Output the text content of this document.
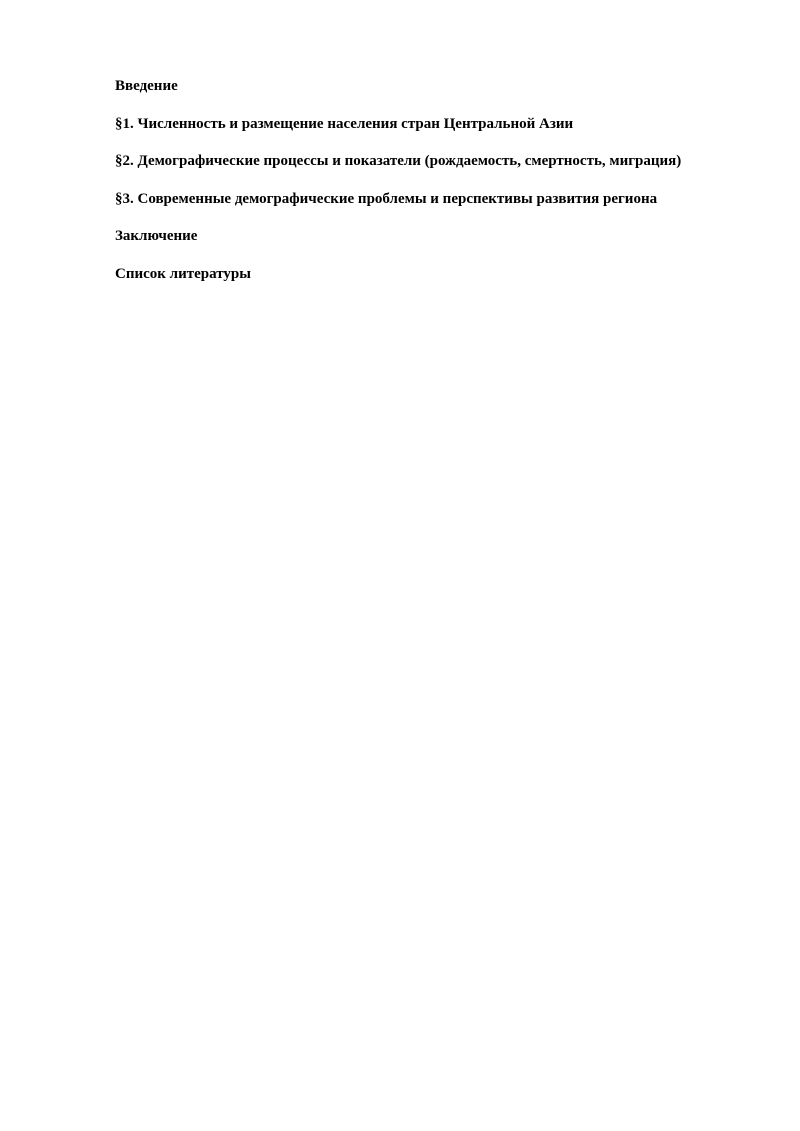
Введение
§1. Численность и размещение населения стран Центральной Азии
§2. Демографические процессы и показатели (рождаемость, смертность, миграция)
§3. Современные демографические проблемы и перспективы развития региона
Заключение
Список литературы
